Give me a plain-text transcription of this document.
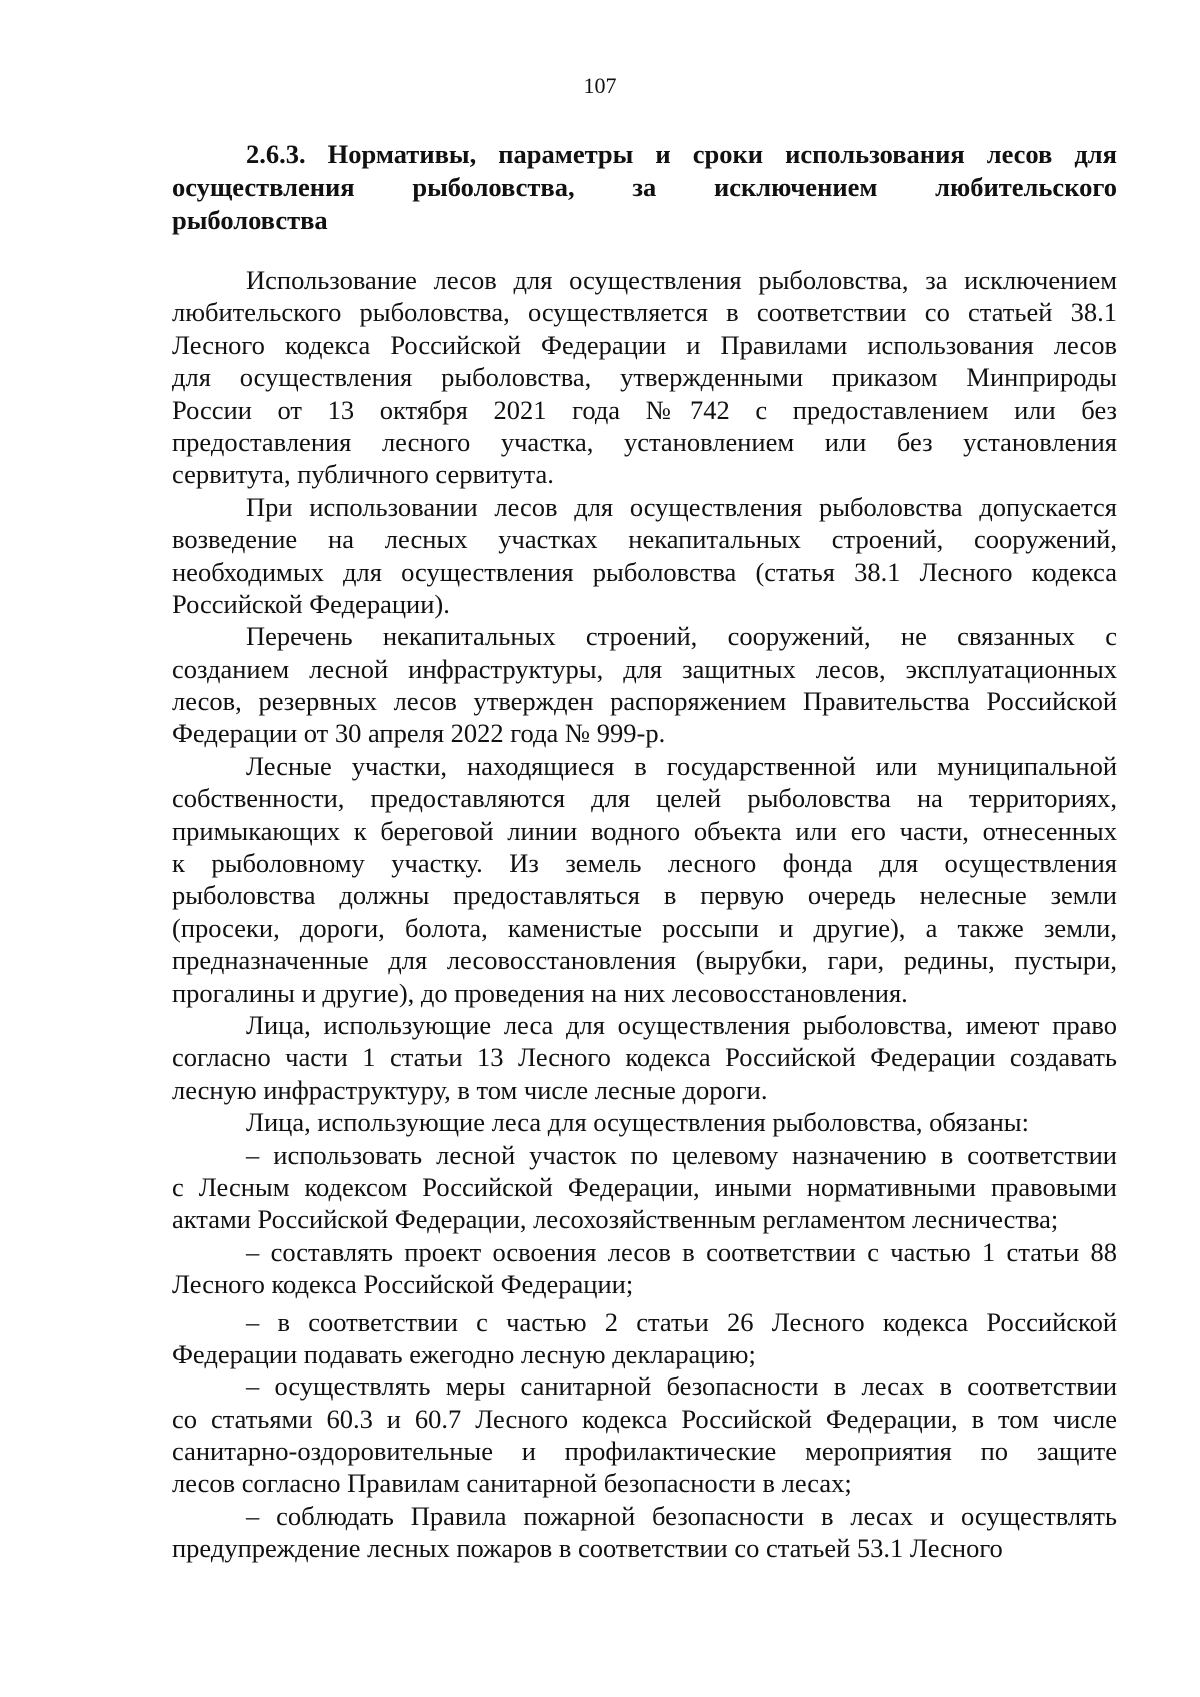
107
2.6.3. Нормативы, параметры и сроки использования лесов для
осуществления рыболовства, за исключением любительского
рыболовства
Использование лесов для осуществления рыболовства, за исключением
любительского рыболовства, осуществляется в соответствии со статьей 38.1
Лесного кодекса Российской Федерации и Правилами использования лесов
для осуществления рыболовства, утвержденными приказом Минприроды
России от 13 октября 2021 года №742 с предоставлением или без
предоставления лесного участка, установлением или без установления
сервитута, публичного сервитута.
При использовании лесов для осуществления рыболовства допускается
возведение на лесных участках некапитальных строений, сооружений,
необходимых для осуществления рыболовства (статья 38.1 Лесного кодекса
Российской Федерации).
Перечень некапитальных строений, сооружений, не связанных с
созданием лесной инфраструктуры, для защитных лесов, эксплуатационных
лесов, резервных лесов утвержден распоряжением Правительства Российской
Федерации от 30 апреля 2022 года № 999-р.
Лесные участки, находящиеся в государственной или муниципальной
собственности, предоставляются для целей рыболовства на территориях,
примыкающих к береговой линии водного объекта или его части, отнесенных
к рыболовному участку. Из земель лесного фонда для осуществления
рыболовства должны предоставляться в первую очередь нелесные земли
(просеки, дороги, болота, каменистые россыпи и другие), а также земли,
предназначенные для лесовосстановления (вырубки, гари, редины, пустыри,
прогалины и другие), до проведения на них лесовосстановления.
Лица, использующие леса для осуществления рыболовства, имеют право
согласно части 1 статьи 13 Лесного кодекса Российской Федерации создавать
лесную инфраструктуру, в том числе лесные дороги.
Лица, использующие леса для осуществления рыболовства, обязаны:
– использовать лесной участок по целевому назначению в соответствии
с Лесным кодексом Российской Федерации, иными нормативными правовыми
актами Российской Федерации, лесохозяйственным регламентом лесничества;
– составлять проект освоения лесов в соответствии с частью 1 статьи 88
Лесного кодекса Российской Федерации;
– в соответствии с частью 2 статьи 26 Лесного кодекса Российской
Федерации подавать ежегодно лесную декларацию;
– осуществлять меры санитарной безопасности в лесах в соответствии
со статьями 60.3 и 60.7 Лесного кодекса Российской Федерации, в том числе
санитарно-оздоровительные и профилактические мероприятия по защите
лесов согласно Правилам санитарной безопасности в лесах;
– соблюдать Правила пожарной безопасности в лесах и осуществлять
предупреждение лесных пожаров в соответствии со статьей 53.1 Лесного
